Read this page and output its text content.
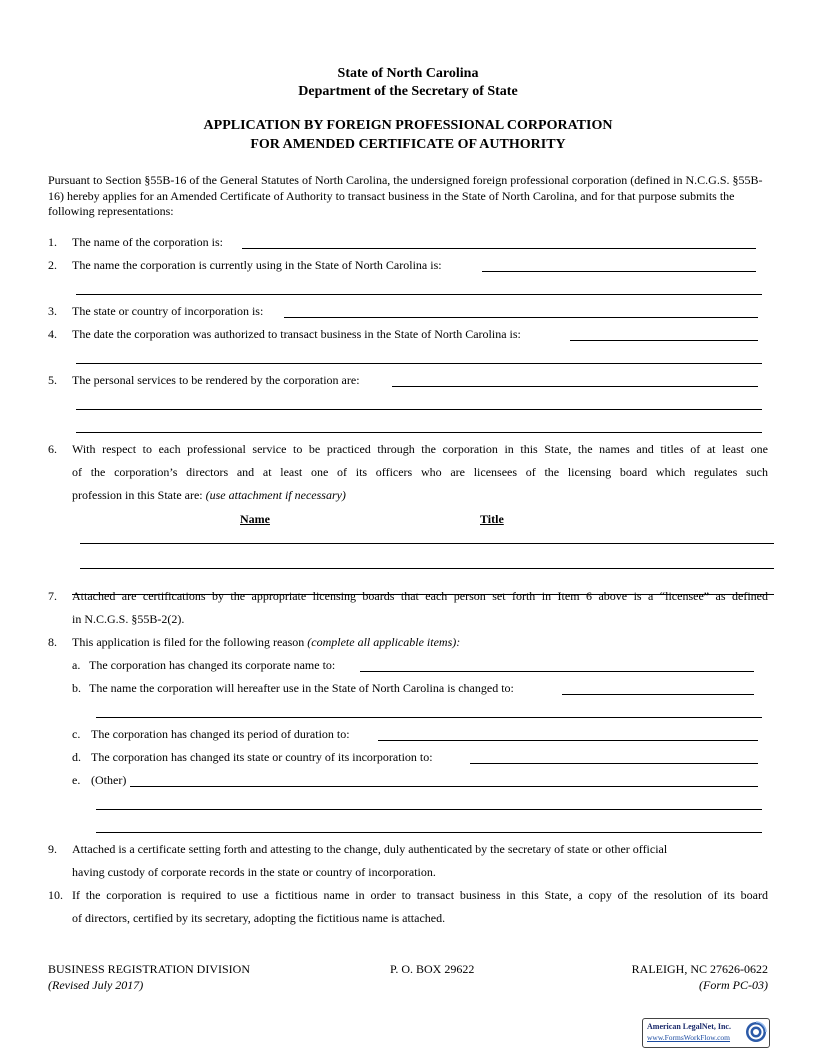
State of North Carolina
Department of the Secretary of State
APPLICATION BY FOREIGN PROFESSIONAL CORPORATION
FOR AMENDED CERTIFICATE OF AUTHORITY
Pursuant to Section §55B-16 of the General Statutes of North Carolina, the undersigned foreign professional corporation (defined in N.C.G.S. §55B-16) hereby applies for an Amended Certificate of Authority to transact business in the State of North Carolina, and for that purpose submits the following representations:
1. The name of the corporation is:
2. The name the corporation is currently using in the State of North Carolina is:
3. The state or country of incorporation is:
4. The date the corporation was authorized to transact business in the State of North Carolina is:
5. The personal services to be rendered by the corporation are:
6. With respect to each professional service to be practiced through the corporation in this State, the names and titles of at least one
of the corporation’s directors and at least one of its officers who are licensees of the licensing board which regulates such
profession in this State are: (use attachment if necessary)
Name	Title
7. Attached are certifications by the appropriate licensing boards that each person set forth in Item 6 above is a “licensee” as defined
in N.C.G.S. §55B-2(2).
8. This application is filed for the following reason (complete all applicable items):
a. The corporation has changed its corporate name to:
b. The name the corporation will hereafter use in the State of North Carolina is changed to:
c. The corporation has changed its period of duration to:
d. The corporation has changed its state or country of its incorporation to:
e. (Other)
9. Attached is a certificate setting forth and attesting to the change, duly authenticated by the secretary of state or other official
having custody of corporate records in the state or country of incorporation.
10. If the corporation is required to use a fictitious name in order to transact business in this State, a copy of the resolution of its board
of directors, certified by its secretary, adopting the fictitious name is attached.
BUSINESS REGISTRATION DIVISION
(Revised July 2017)
P. O. BOX 29622	RALEIGH, NC 27626-0622
(Form PC-03)
American LegalNet, Inc.
www.FormsWorkFlow.com
